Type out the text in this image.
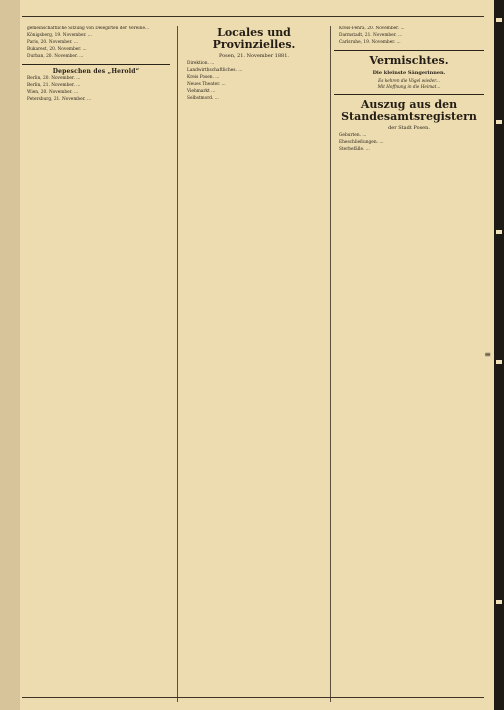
gemeinschaftliche Sitzung von Delegirten der Vereine...

Königsberg, 19. November. ...

Paris, 20. November. ...

Bukarest, 20. November. ...

Durban, 20. November. ...

Depeschen des „Herold“

Berlin, 20. November. ...

Berlin, 21. November. ...

Wien, 20. November. ...

Petersburg, 21. November. ...

Locales und Provinzielles.
Posen, 21. November 1881.

Direktion. ...

Landwirthschaftliches. ...

Kreis Posen. ...

Neues Theater. ...

Viehmarkt ...

Selbstmord. ...

Kreis-Fehra, 20. November. ...

Darmstadt, 21. November. ...

Carlsruhe, 19. November. ...

Vermischtes.
Die kleinste Sängerinnen.

Es kehren die Vögel wieder...

Mit Hoffnung in die Heimat...

Auszug aus den Standesamtsregistern
der Stadt Posen.

Geburten. ...

Eheschließungen. ...

Sterbefälle. ...

≡
